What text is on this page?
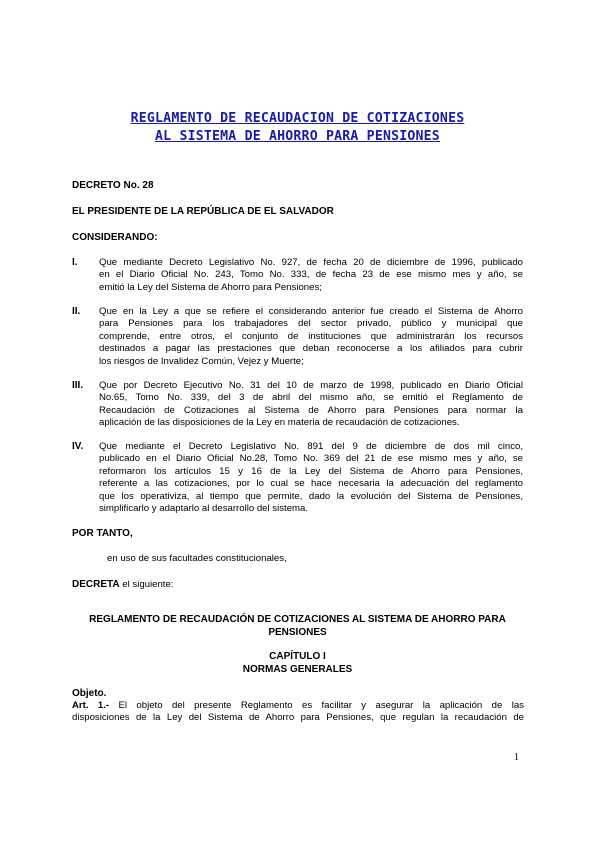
REGLAMENTO DE RECAUDACION DE COTIZACIONES
AL SISTEMA DE AHORRO PARA PENSIONES
DECRETO No. 28
EL PRESIDENTE DE LA REPÚBLICA DE EL SALVADOR
CONSIDERANDO:
I. Que mediante Decreto Legislativo No. 927, de fecha 20 de diciembre de 1996, publicado
en el Diario Oficial No. 243, Tomo No. 333, de fecha 23 de ese mismo mes y año, se
emitió la Ley del Sistema de Ahorro para Pensiones;
II. Que en la Ley a que se refiere el considerando anterior fue creado el Sistema de Ahorro
para Pensiones para los trabajadores del sector privado, público y municipal que
comprende, entre otros, el conjunto de instituciones que administrarán los recursos
destinados a pagar las prestaciones que deban reconocerse a los afiliados para cubrir
los riesgos de Invalidez Común, Vejez y Muerte;
III. Que por Decreto Ejecutivo No. 31 del 10 de marzo de 1998, publicado en Diario Oficial
No.65, Tomo No. 339, del 3 de abril del mismo año, se emitió el Reglamento de
Recaudación de Cotizaciones al Sistema de Ahorro para Pensiones para normar la
aplicación de las disposiciones de la Ley en materia de recaudación de cotizaciones.
IV. Que mediante el Decreto Legislativo No. 891 del 9 de diciembre de dos mil cinco,
publicado en el Diario Oficial No.28, Tomo No. 369 del 21 de ese mismo mes y año, se
reformaron los artículos 15 y 16 de la Ley del Sistema de Ahorro para Pensiones,
referente a las cotizaciones, por lo cual se hace necesaria la adecuación del reglamento
que los operativiza, al tiempo que permite, dado la evolución del Sistema de Pensiones,
simplificarlo y adaptarlo al desarrollo del sistema.
POR TANTO,
en uso de sus facultades constitucionales,
DECRETA el siguiente:
REGLAMENTO DE RECAUDACIÓN DE COTIZACIONES AL SISTEMA DE AHORRO PARA
PENSIONES
CAPÍTULO I
NORMAS GENERALES
Objeto.
Art. 1.- El objeto del presente Reglamento es facilitar y asegurar la aplicación de las
disposiciones de la Ley del Sistema de Ahorro para Pensiones, que regulan la recaudación de
1
